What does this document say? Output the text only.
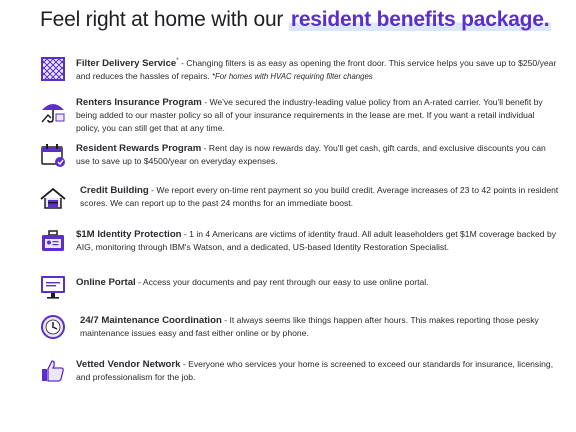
Feel right at home with our resident benefits package.
Filter Delivery Service* - Changing filters is as easy as opening the front door. This service helps you save up to $250/year and reduces the hassles of repairs. *For homes with HVAC requiring filter changes
Renters Insurance Program - We've secured the industry-leading value policy from an A-rated carrier. You'll benefit by being added to our master policy so all of your insurance requirements in the lease are met. If you want a retail individual policy, you can still get that at any time.
Resident Rewards Program - Rent day is now rewards day. You'll get cash, gift cards, and exclusive discounts you can use to save up to $4500/year on everyday expenses.
Credit Building - We report every on-time rent payment so you build credit. Average increases of 23 to 42 points in resident scores. We can report up to the past 24 months for an immediate boost.
$1M Identity Protection - 1 in 4 Americans are victims of identity fraud. All adult leaseholders get $1M coverage backed by AIG, monitoring through IBM's Watson, and a dedicated, US-based Identity Restoration Specialist.
Online Portal - Access your documents and pay rent through our easy to use online portal.
24/7 Maintenance Coordination - It always seems like things happen after hours. This makes reporting those pesky maintenance issues easy and fast either online or by phone.
Vetted Vendor Network - Everyone who services your home is screened to exceed our standards for insurance, licensing, and professionalism for the job.
